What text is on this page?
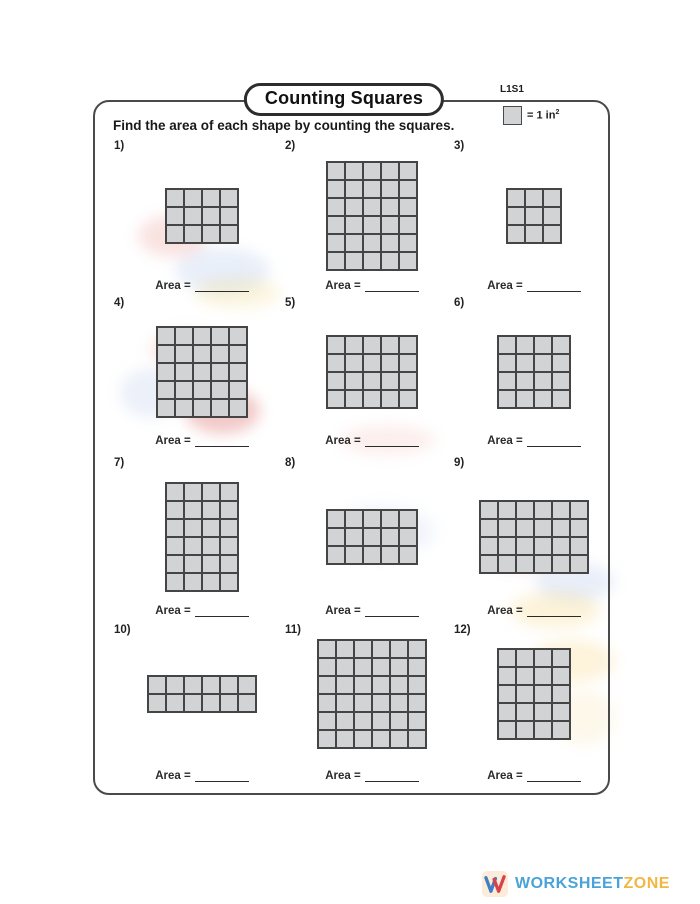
Counting Squares	L1S1
= 1 $in^2$
Find the area of each shape by counting the squares.
1)
Area =
2)
Area =
3)
Area =
4)
Area =
5)
Area =
6)
Area =
7)
Area =
8)
Area =
9)
Area =
10)
Area =
11)
Area =
12)
Area =
WORKSHEETZONE
